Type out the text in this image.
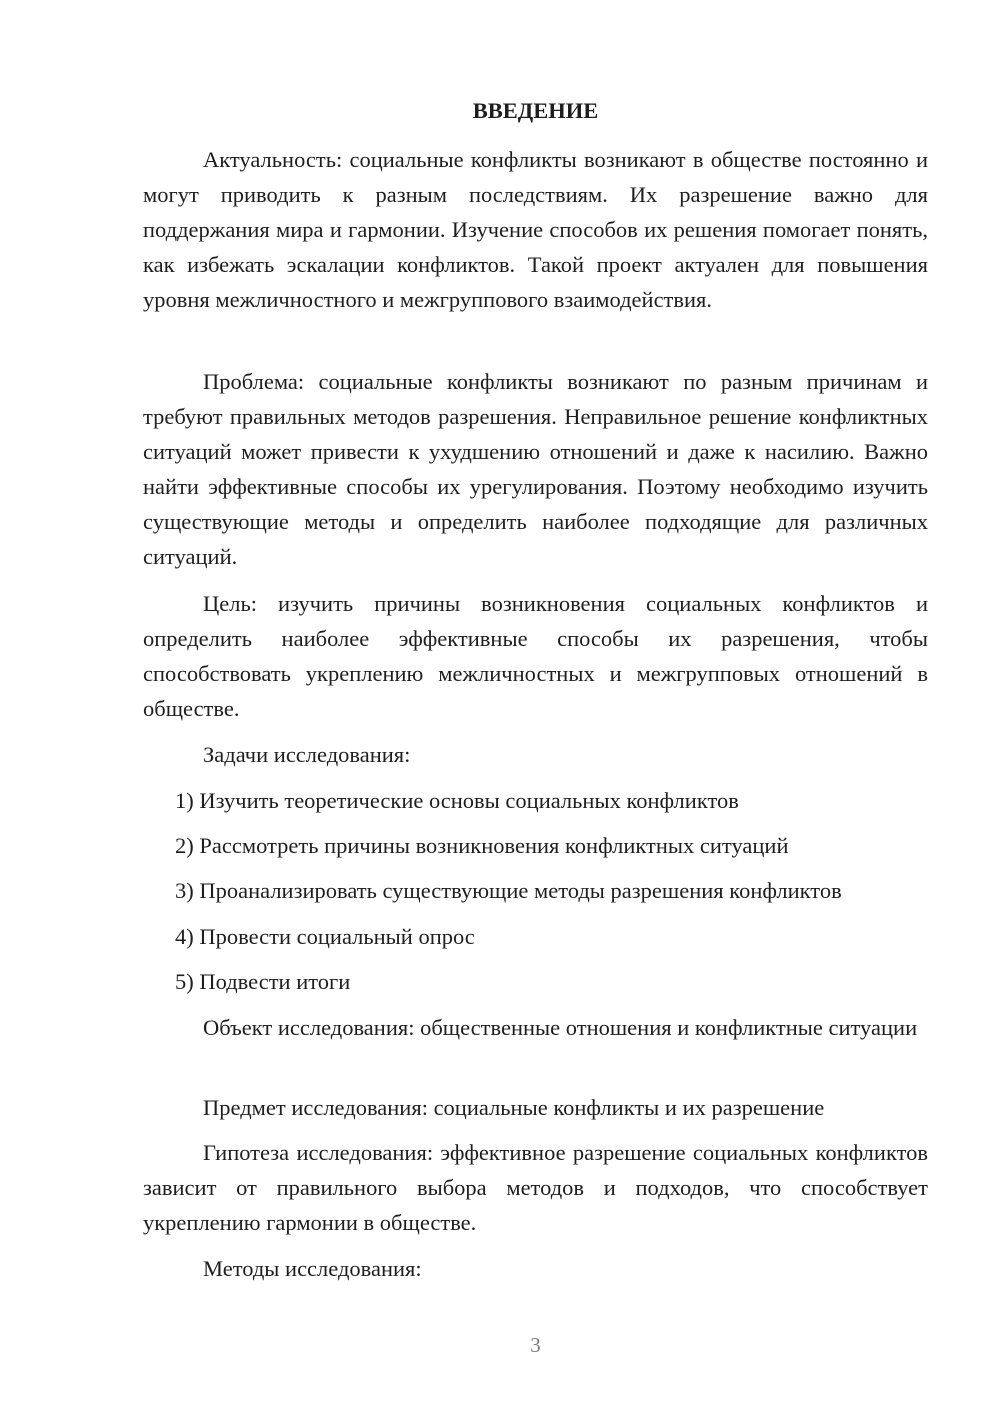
ВВЕДЕНИЕ

Актуальность: социальные конфликты возникают в обществе постоянно и могут приводить к разным последствиям. Их разрешение важно для поддержания мира и гармонии. Изучение способов их решения помогает понять, как избежать эскалации конфликтов. Такой проект актуален для повышения уровня межличностного и межгруппового взаимодействия.

Проблема: социальные конфликты возникают по разным причинам и требуют правильных методов разрешения. Неправильное решение конфликтных ситуаций может привести к ухудшению отношений и даже к насилию. Важно найти эффективные способы их урегулирования. Поэтому необходимо изучить существующие методы и определить наиболее подходящие для различных ситуаций.

Цель: изучить причины возникновения социальных конфликтов и определить наиболее эффективные способы их разрешения, чтобы способствовать укреплению межличностных и межгрупповых отношений в обществе.

Задачи исследования:

1) Изучить теоретические основы социальных конфликтов

2) Рассмотреть причины возникновения конфликтных ситуаций

3) Проанализировать существующие методы разрешения конфликтов

4) Провести социальный опрос

5) Подвести итоги

Объект исследования: общественные отношения и конфликтные ситуации

Предмет исследования: социальные конфликты и их разрешение

Гипотеза исследования: эффективное разрешение социальных конфликтов зависит от правильного выбора методов и подходов, что способствует укреплению гармонии в обществе.

Методы исследования:

3
